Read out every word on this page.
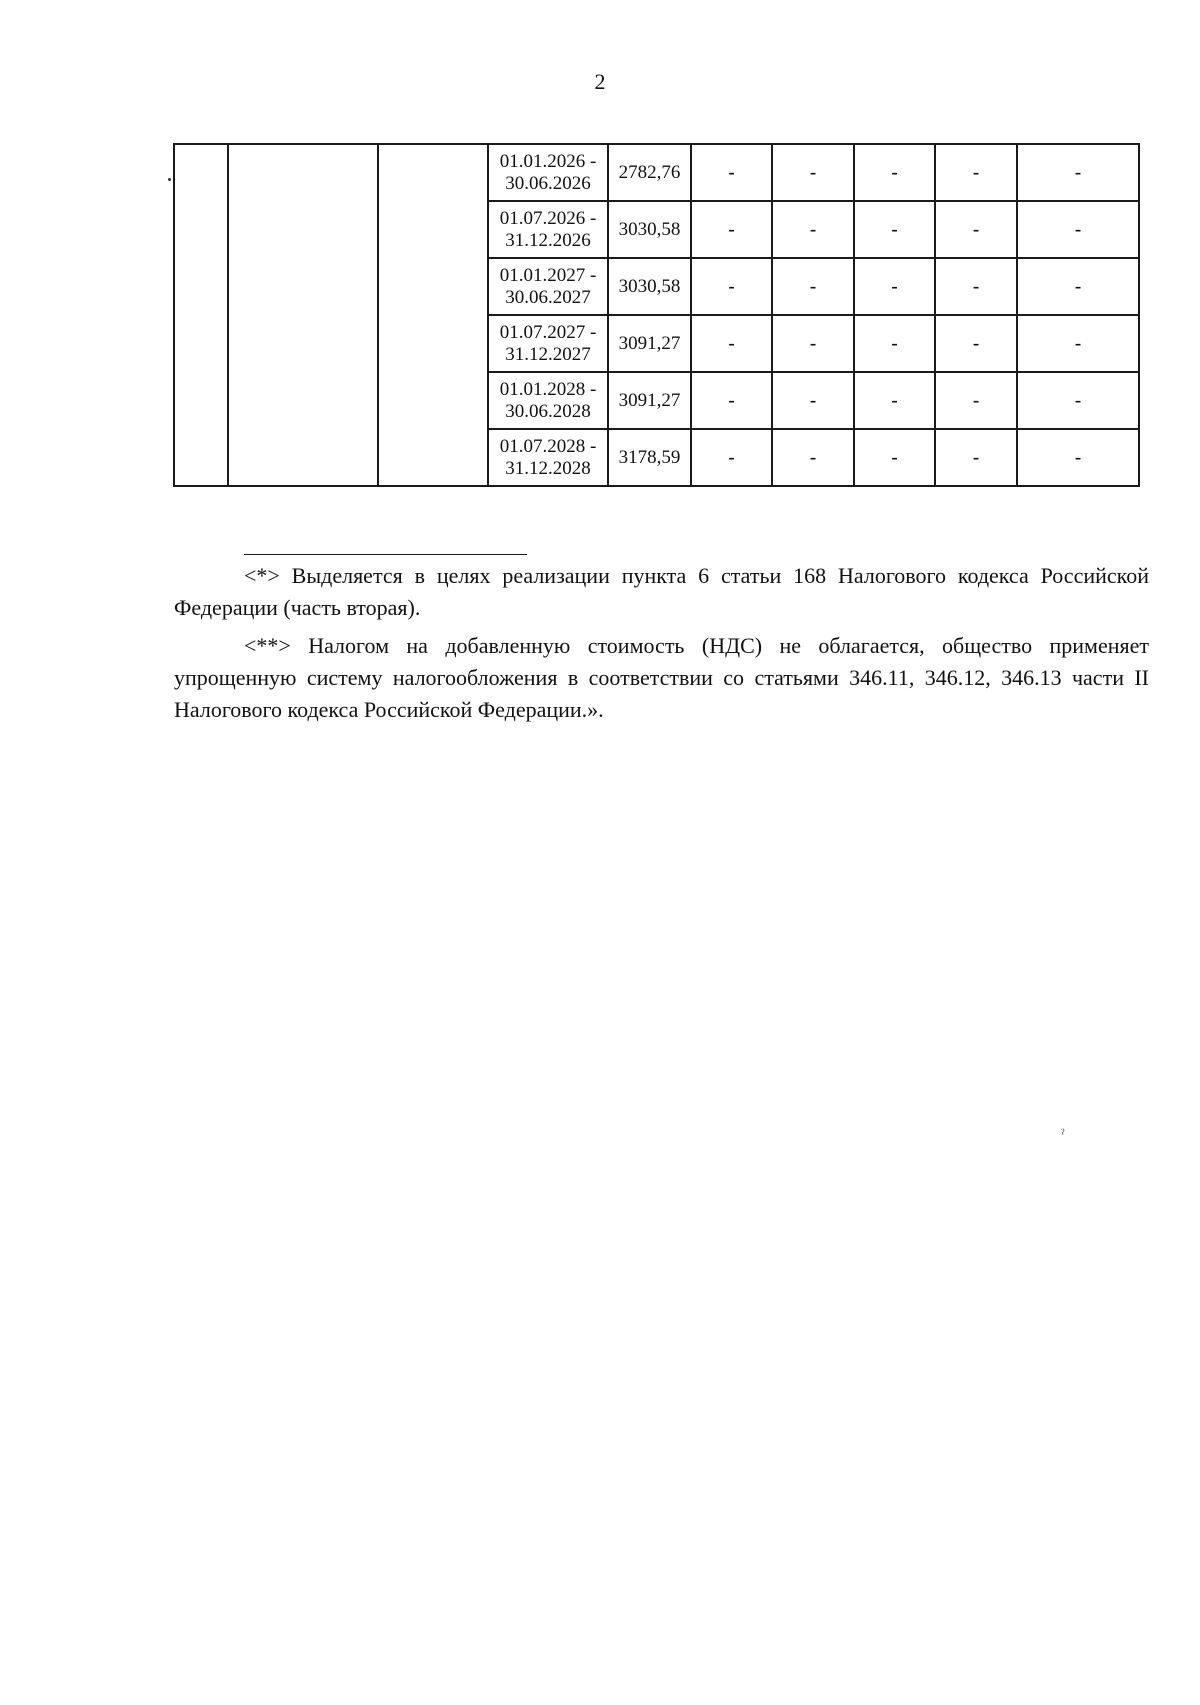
2

			01.01.2026 -
30.06.2026	2782,76	-	-	-	-	-

			01.07.2026 -
31.12.2026	3030,58	-	-	-	-	-

			01.01.2027 -
30.06.2027	3030,58	-	-	-	-	-

			01.07.2027 -
31.12.2027	3091,27	-	-	-	-	-

			01.01.2028 -
30.06.2028	3091,27	-	-	-	-	-

			01.07.2028 -
31.12.2028	3178,59	-	-	-	-	-

<*> Выделяется в целях реализации пункта 6 статьи 168 Налогового кодекса Российской Федерации (часть вторая).

<**> Налогом на добавленную стоимость (НДС) не облагается, общество применяет упрощенную систему налогообложения в соответствии со статьями 346.11, 346.12, 346.13 части II Налогового кодекса Российской Федерации.».

ˀ
